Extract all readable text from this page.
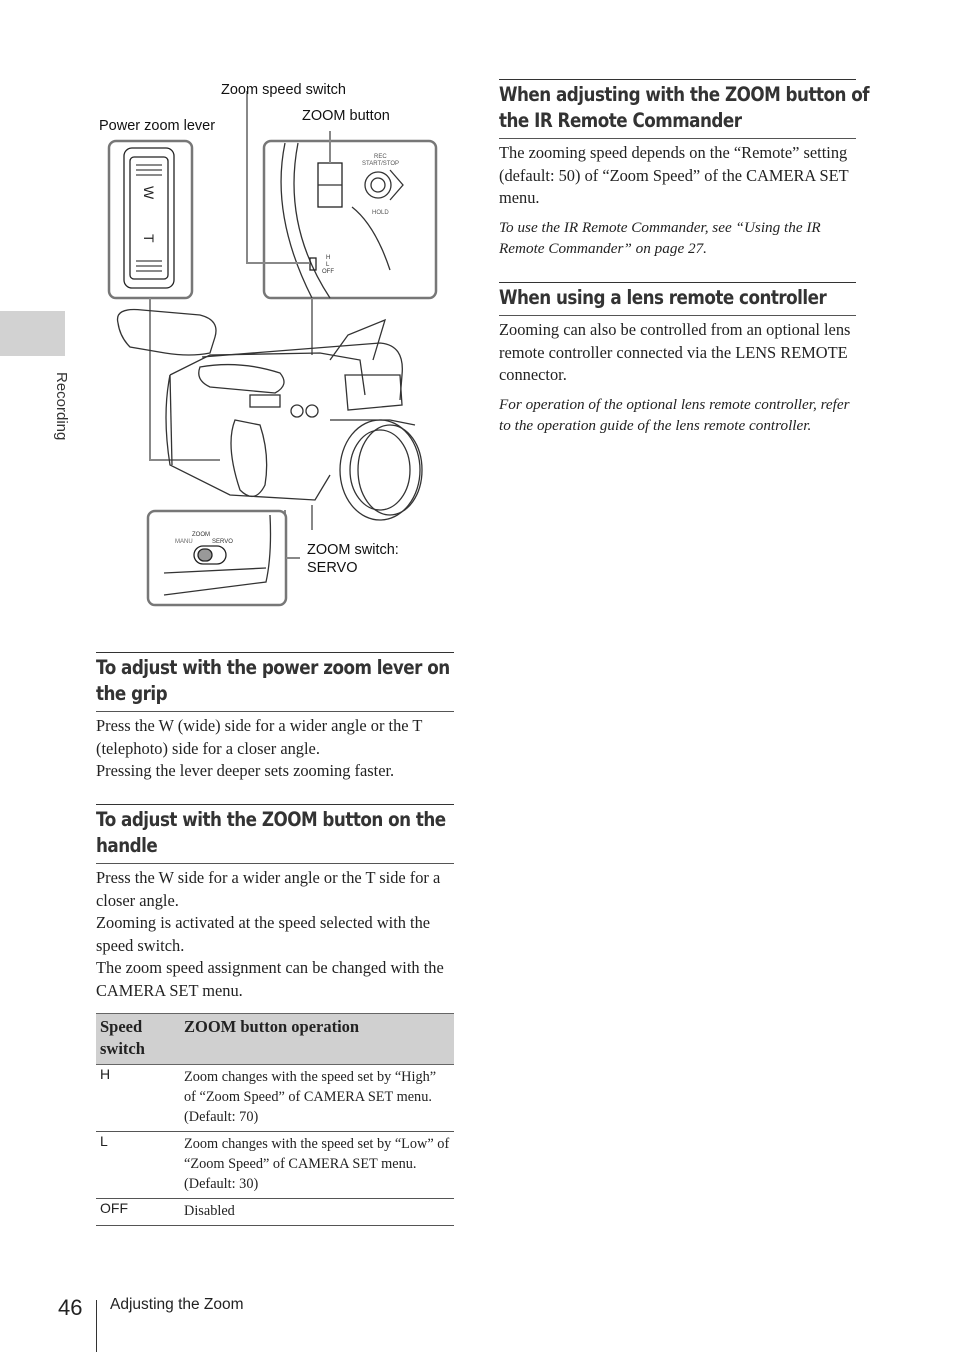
Recording
W
T
REC
START/STOP
HOLD
H
L
OFF
ZOOM
MANU	SERVO
Zoom speed switch
ZOOM button
Power zoom lever
ZOOM switch:
SERVO
To adjust with the power zoom lever on
the grip

Press the W (wide) side for a wider angle or the T (telephoto) side for a closer angle.

Pressing the lever deeper sets zooming faster.

To adjust with the ZOOM button on the
handle

Press the W side for a wider angle or the T side for a closer angle.

Zooming is activated at the speed selected with the speed switch.

The zoom speed assignment can be changed with the CAMERA SET menu.

Speed
switch	ZOOM button operation
H	Zoom changes with the speed set by “High” of “Zoom Speed” of CAMERA SET menu. (Default: 70)
L	Zoom changes with the speed set by “Low” of “Zoom Speed” of CAMERA SET menu. (Default: 30)
OFF	Disabled
When adjusting with the ZOOM button of
the IR Remote Commander

The zooming speed depends on the “Remote” setting (default: 50) of “Zoom Speed” of the CAMERA SET menu.

To use the IR Remote Commander, see “Using the IR Remote Commander” on page 27.

When using a lens remote controller

Zooming can also be controlled from an optional lens remote controller connected via the LENS REMOTE connector.

For operation of the optional lens remote controller, refer to the operation guide of the lens remote controller.

46 Adjusting the Zoom
